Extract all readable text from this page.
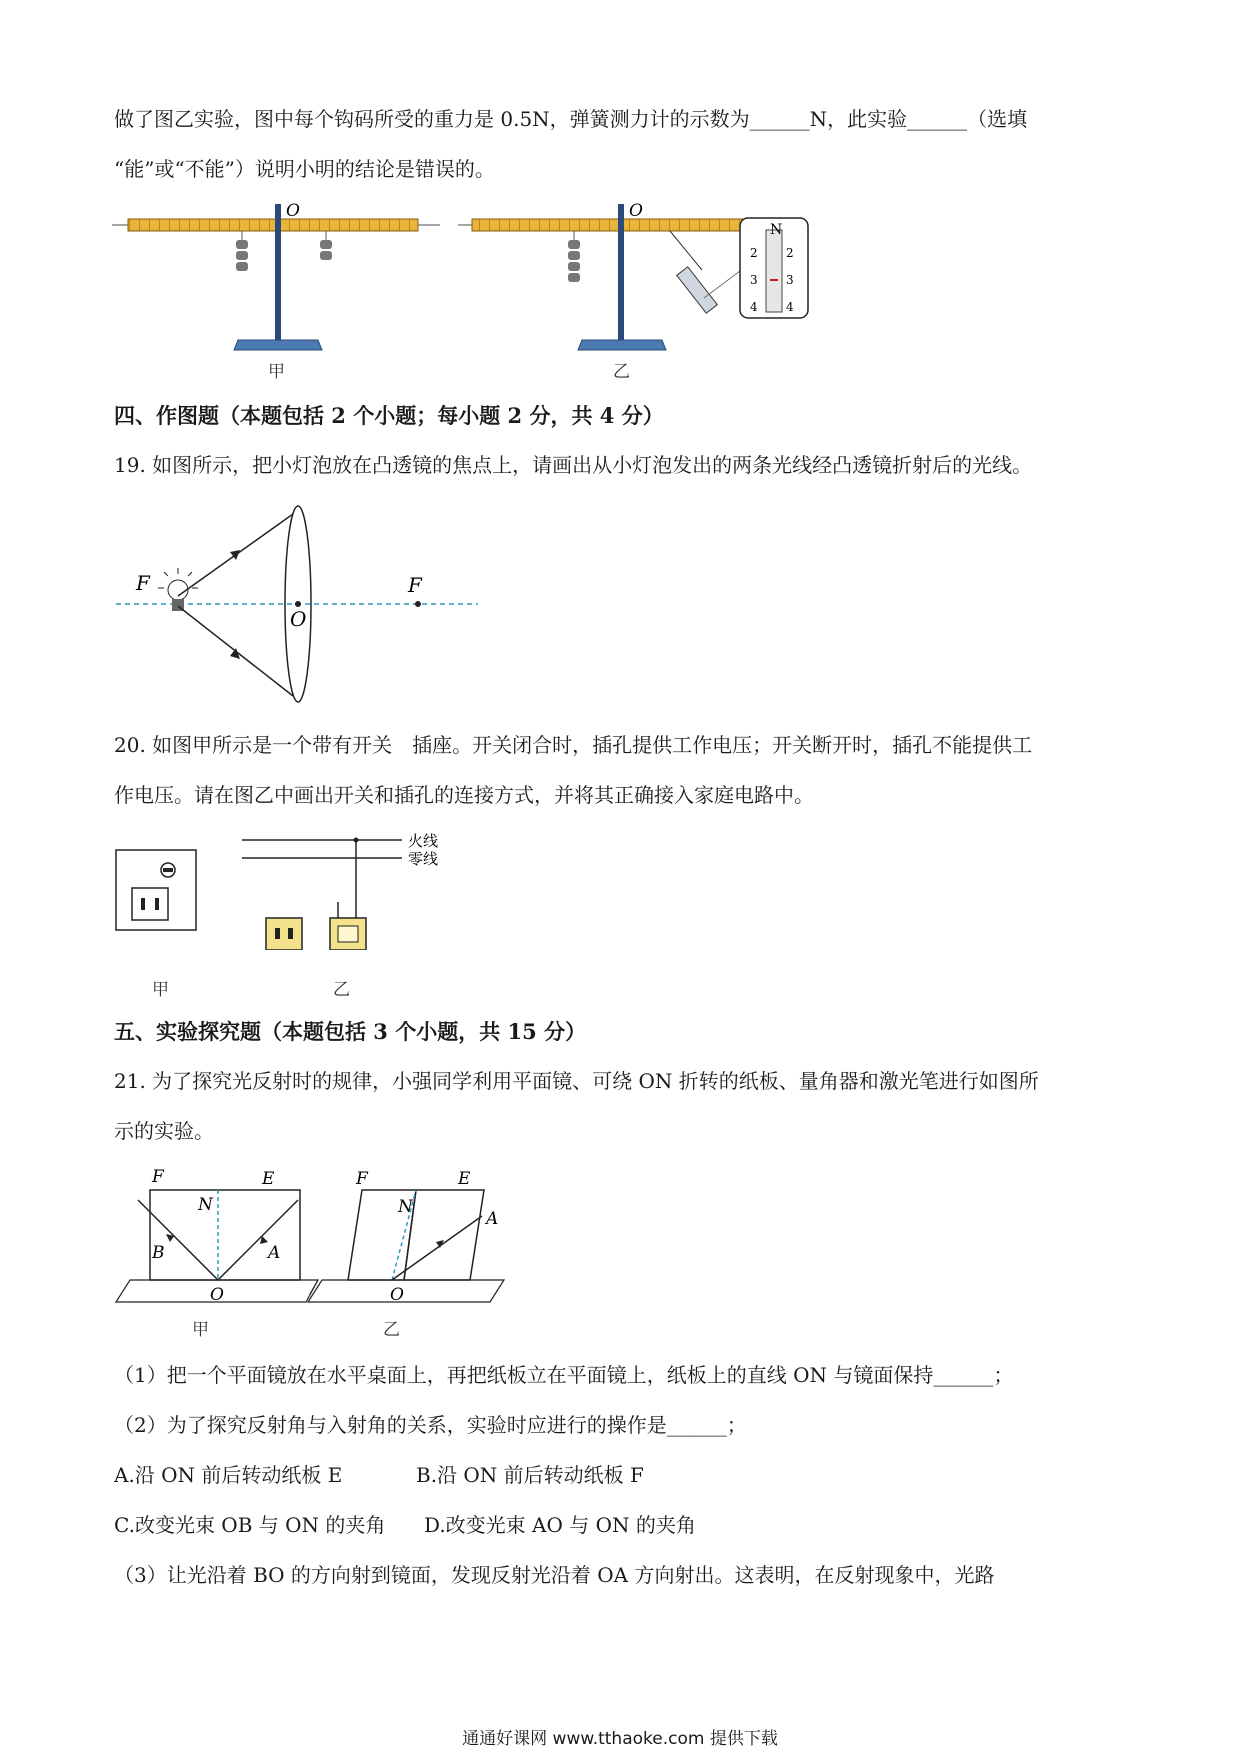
做了图乙实验，图中每个钩码所受的重力是 0.5N，弹簧测力计的示数为______N，此实验______（选填
“能”或“不能”）说明小明的结论是错误的。
O	O
N
2 2
3 3
4 4
甲	乙
四、作图题（本题包括 2 个小题；每小题 2 分，共 4 分）
19. 如图所示，把小灯泡放在凸透镜的焦点上，请画出从小灯泡发出的两条光线经凸透镜折射后的光线。
F	F
O
20. 如图甲所示是一个带有开关　插座。开关闭合时，插孔提供工作电压；开关断开时，插孔不能提供工
作电压。请在图乙中画出开关和插孔的连接方式，并将其正确接入家庭电路中。
火线
零线
甲	乙
五、实验探究题（本题包括 3 个小题，共 15 分）
21. 为了探究光反射时的规律，小强同学利用平面镜、可绕 ON 折转的纸板、量角器和激光笔进行如图所
示的实验。
F	E
N
B	A
O
F	E
N
A
O
甲	乙
（1）把一个平面镜放在水平桌面上，再把纸板立在平面镜上，纸板上的直线 ON 与镜面保持______；
（2）为了探究反射角与入射角的关系，实验时应进行的操作是______；
A.沿 ON 前后转动纸板 E	B.沿 ON 前后转动纸板 F
C.改变光束 OB 与 ON 的夹角 D.改变光束 AO 与 ON 的夹角
（3）让光沿着 BO 的方向射到镜面，发现反射光沿着 OA 方向射出。这表明，在反射现象中，光路
通通好课网 www.tthaoke.com 提供下载
